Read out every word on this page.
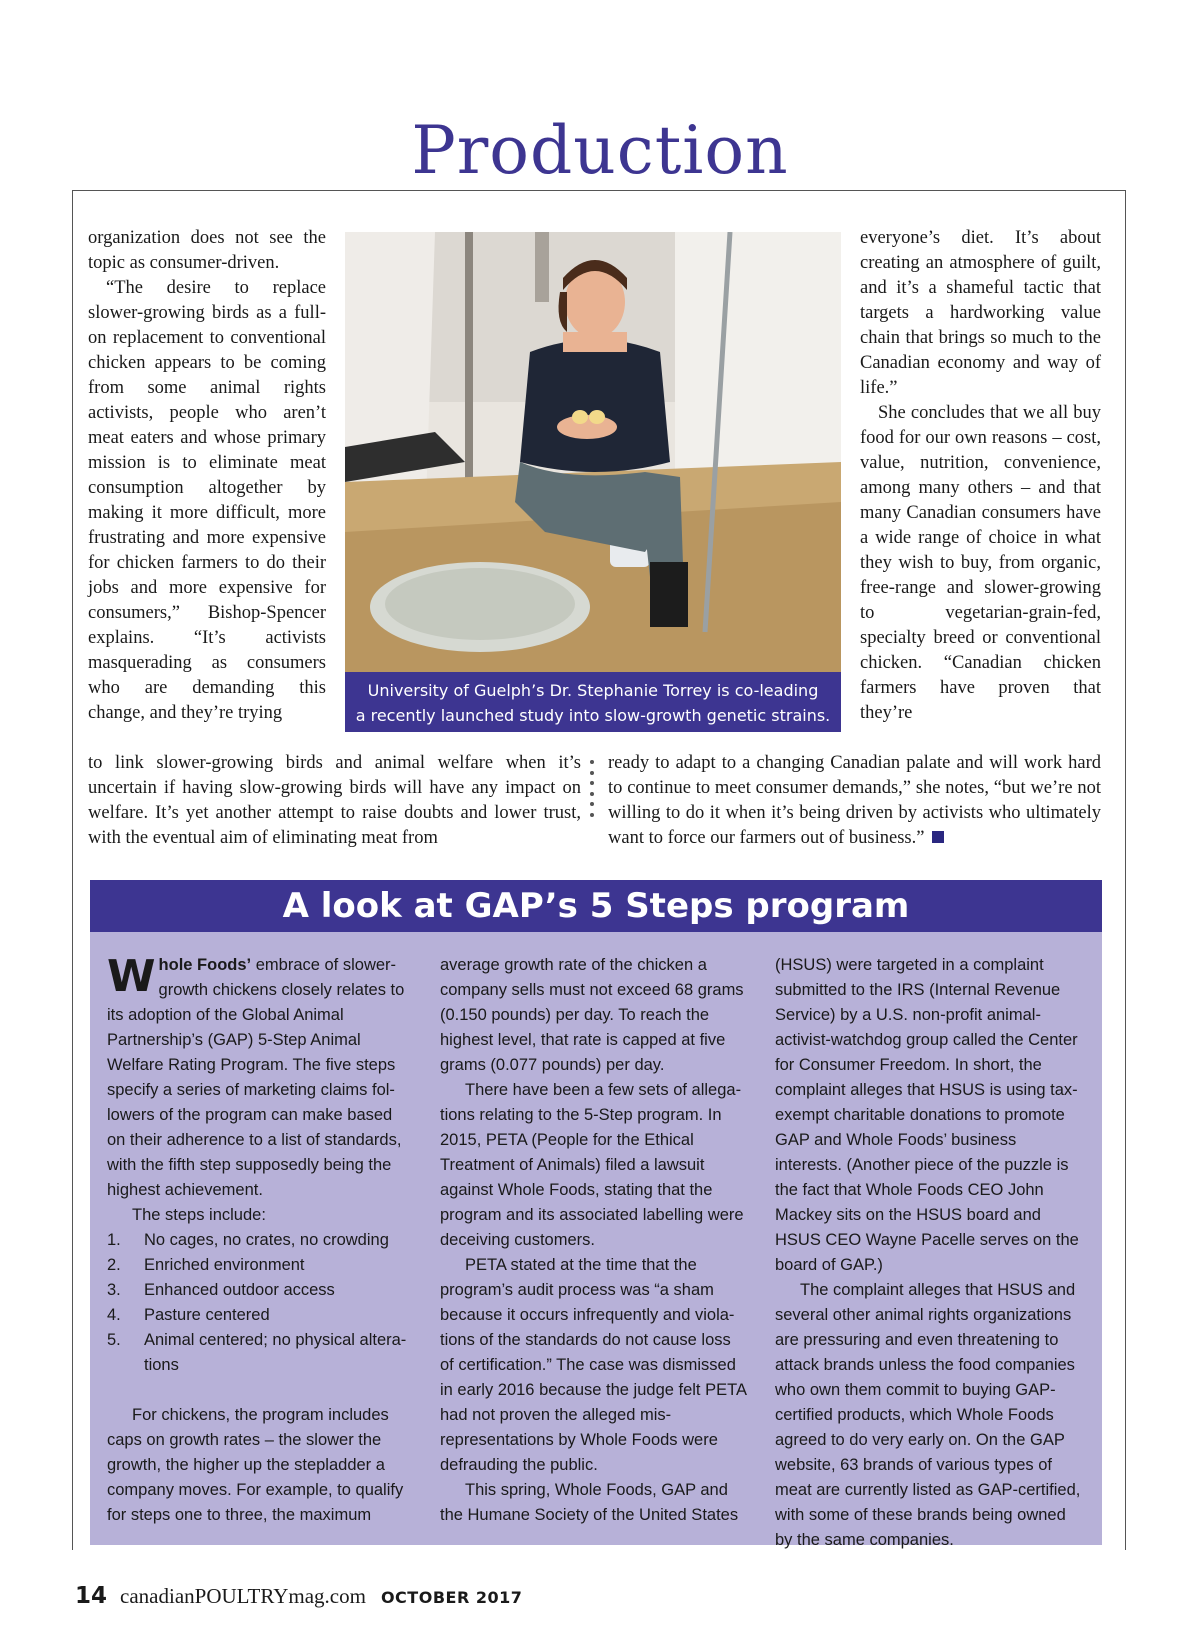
Production

organization does not see the topic as consumer-driven.

“The desire to replace slower-growing birds as a full-on replacement to conventional chicken appears to be coming from some animal rights activists, people who aren’t meat eaters and whose primary mission is to eliminate meat consumption altogether by making it more difficult, more frustrating and more expensive for chicken farmers to do their jobs and more expensive for consumers,” Bishop-Spencer explains. “It’s activists masquerading as consumers who are demanding this change, and they’re trying

University of Guelph’s Dr. Stephanie Torrey is co-leading
a recently launched study into slow-growth genetic strains.

everyone’s diet. It’s about creating an atmosphere of guilt, and it’s a shameful tactic that targets a hardworking value chain that brings so much to the Canadian economy and way of life.”

She concludes that we all buy food for our own reasons – cost, value, nutrition, convenience, among many others – and that many Canadian consumers have a wide range of choice in what they wish to buy, from organic, free-range and slower-growing to vegetarian-grain-fed, specialty breed or conventional chicken. “Canadian chicken farmers have proven that they’re

to link slower-growing birds and animal welfare when it’s uncertain if having slow-growing birds will have any impact on welfare. It’s yet another attempt to raise doubts and lower trust, with the eventual aim of eliminating meat from

ready to adapt to a changing Canadian palate and will work hard to continue to meet consumer demands,” she notes, “but we’re not willing to do it when it’s being driven by activists who ultimately want to force our farmers out of business.”

A look at GAP’s 5 Steps program

Whole Foods’ embrace of slower-growth chickens closely relates to its adoption of the Global Animal Partnership’s (GAP) 5-Step Animal Welfare Rating Program. The five steps specify a series of marketing claims fol-lowers of the program can make based on their adherence to a list of standards, with the fifth step supposedly being the highest achievement.

The steps include:

1. No cages, no crates, no crowding
2. Enriched environment
3. Enhanced outdoor access
4. Pasture centered
5. Animal centered; no physical altera-tions

For chickens, the program includes caps on growth rates – the slower the growth, the higher up the stepladder a company moves. For example, to qualify for steps one to three, the maximum

average growth rate of the chicken a company sells must not exceed 68 grams (0.150 pounds) per day. To reach the highest level, that rate is capped at five grams (0.077 pounds) per day.

There have been a few sets of allega-tions relating to the 5-Step program. In 2015, PETA (People for the Ethical Treatment of Animals) filed a lawsuit against Whole Foods, stating that the program and its associated labelling were deceiving customers.

PETA stated at the time that the program’s audit process was “a sham because it occurs infrequently and viola-tions of the standards do not cause loss of certification.” The case was dismissed in early 2016 because the judge felt PETA had not proven the alleged mis-representations by Whole Foods were defrauding the public.

This spring, Whole Foods, GAP and the Humane Society of the United States

(HSUS) were targeted in a complaint submitted to the IRS (Internal Revenue Service) by a U.S. non-profit animal-activist-watchdog group called the Center for Consumer Freedom. In short, the complaint alleges that HSUS is using tax-exempt charitable donations to promote GAP and Whole Foods’ business interests. (Another piece of the puzzle is the fact that Whole Foods CEO John Mackey sits on the HSUS board and HSUS CEO Wayne Pacelle serves on the board of GAP.)

The complaint alleges that HSUS and several other animal rights organizations are pressuring and even threatening to attack brands unless the food companies who own them commit to buying GAP-certified products, which Whole Foods agreed to do very early on. On the GAP website, 63 brands of various types of meat are currently listed as GAP-certified, with some of these brands being owned by the same companies.

14 canadianPOULTRYmag.com OCTOBER 2017
